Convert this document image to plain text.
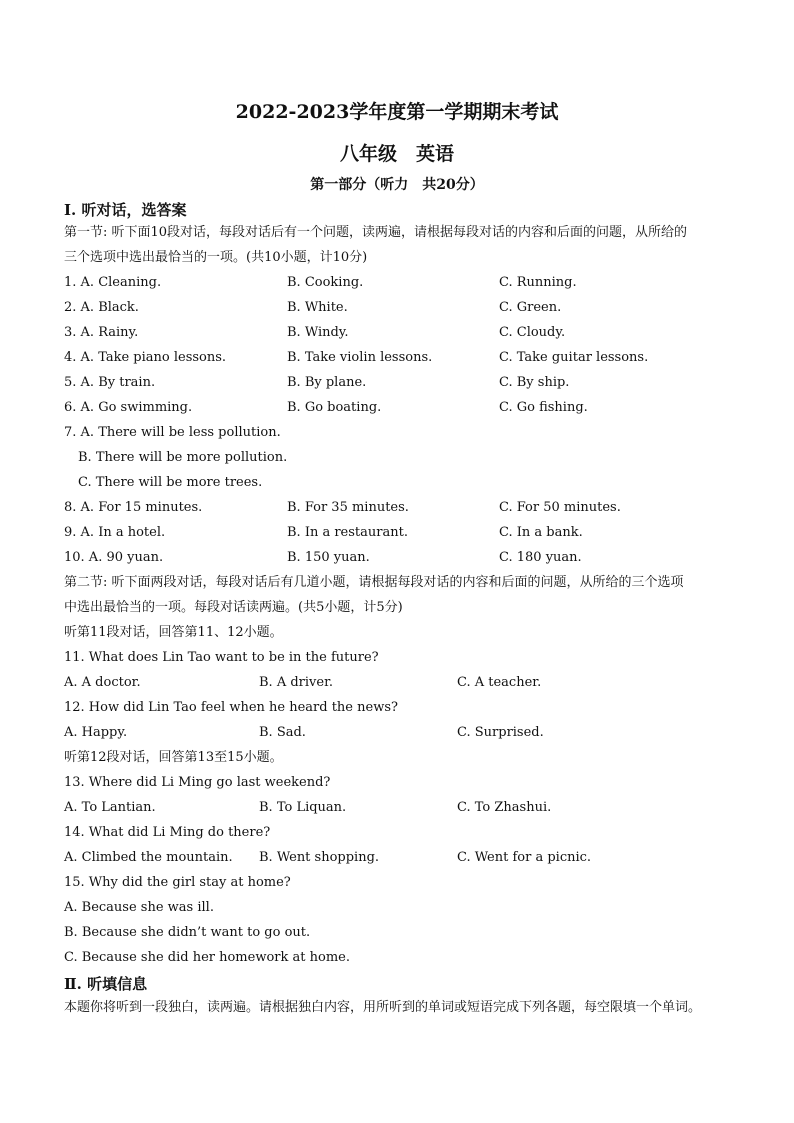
2022-2023学年度第一学期期末考试
八年级　英语
第一部分（听力　共20分）
Ⅰ. 听对话，选答案
第一节: 听下面10段对话，每段对话后有一个问题，读两遍，请根据每段对话的内容和后面的问题，从所给的
三个选项中选出最恰当的一项。(共10小题，计10分)
1. A. Cleaning.	B. Cooking.	C. Running.
2. A. Black.	B. White.	C. Green.
3. A. Rainy.	B. Windy.	C. Cloudy.
4. A. Take piano lessons.	B. Take violin lessons.	C. Take guitar lessons.
5. A. By train.	B. By plane.	C. By ship.
6. A. Go swimming.	B. Go boating.	C. Go fishing.
7. A. There will be less pollution.
B. There will be more pollution.
C. There will be more trees.
8. A. For 15 minutes.	B. For 35 minutes.	C. For 50 minutes.
9. A. In a hotel.	B. In a restaurant.	C. In a bank.
10. A. 90 yuan.	B. 150 yuan.	C. 180 yuan.
第二节: 听下面两段对话，每段对话后有几道小题，请根据每段对话的内容和后面的问题，从所给的三个选项
中选出最恰当的一项。每段对话读两遍。(共5小题，计5分)
听第11段对话，回答第11、12小题。
11. What does Lin Tao want to be in the future?
A. A doctor.	B. A driver.	C. A teacher.
12. How did Lin Tao feel when he heard the news?
A. Happy.	B. Sad.	C. Surprised.
听第12段对话，回答第13至15小题。
13. Where did Li Ming go last weekend?
A. To Lantian.	B. To Liquan.	C. To Zhashui.
14. What did Li Ming do there?
A. Climbed the mountain. B. Went shopping.	C. Went for a picnic.
15. Why did the girl stay at home?
A. Because she was ill.
B. Because she didn’t want to go out.
C. Because she did her homework at home.
Ⅱ. 听填信息
本题你将听到一段独白，读两遍。请根据独白内容，用所听到的单词或短语完成下列各题，每空限填一个单词。
